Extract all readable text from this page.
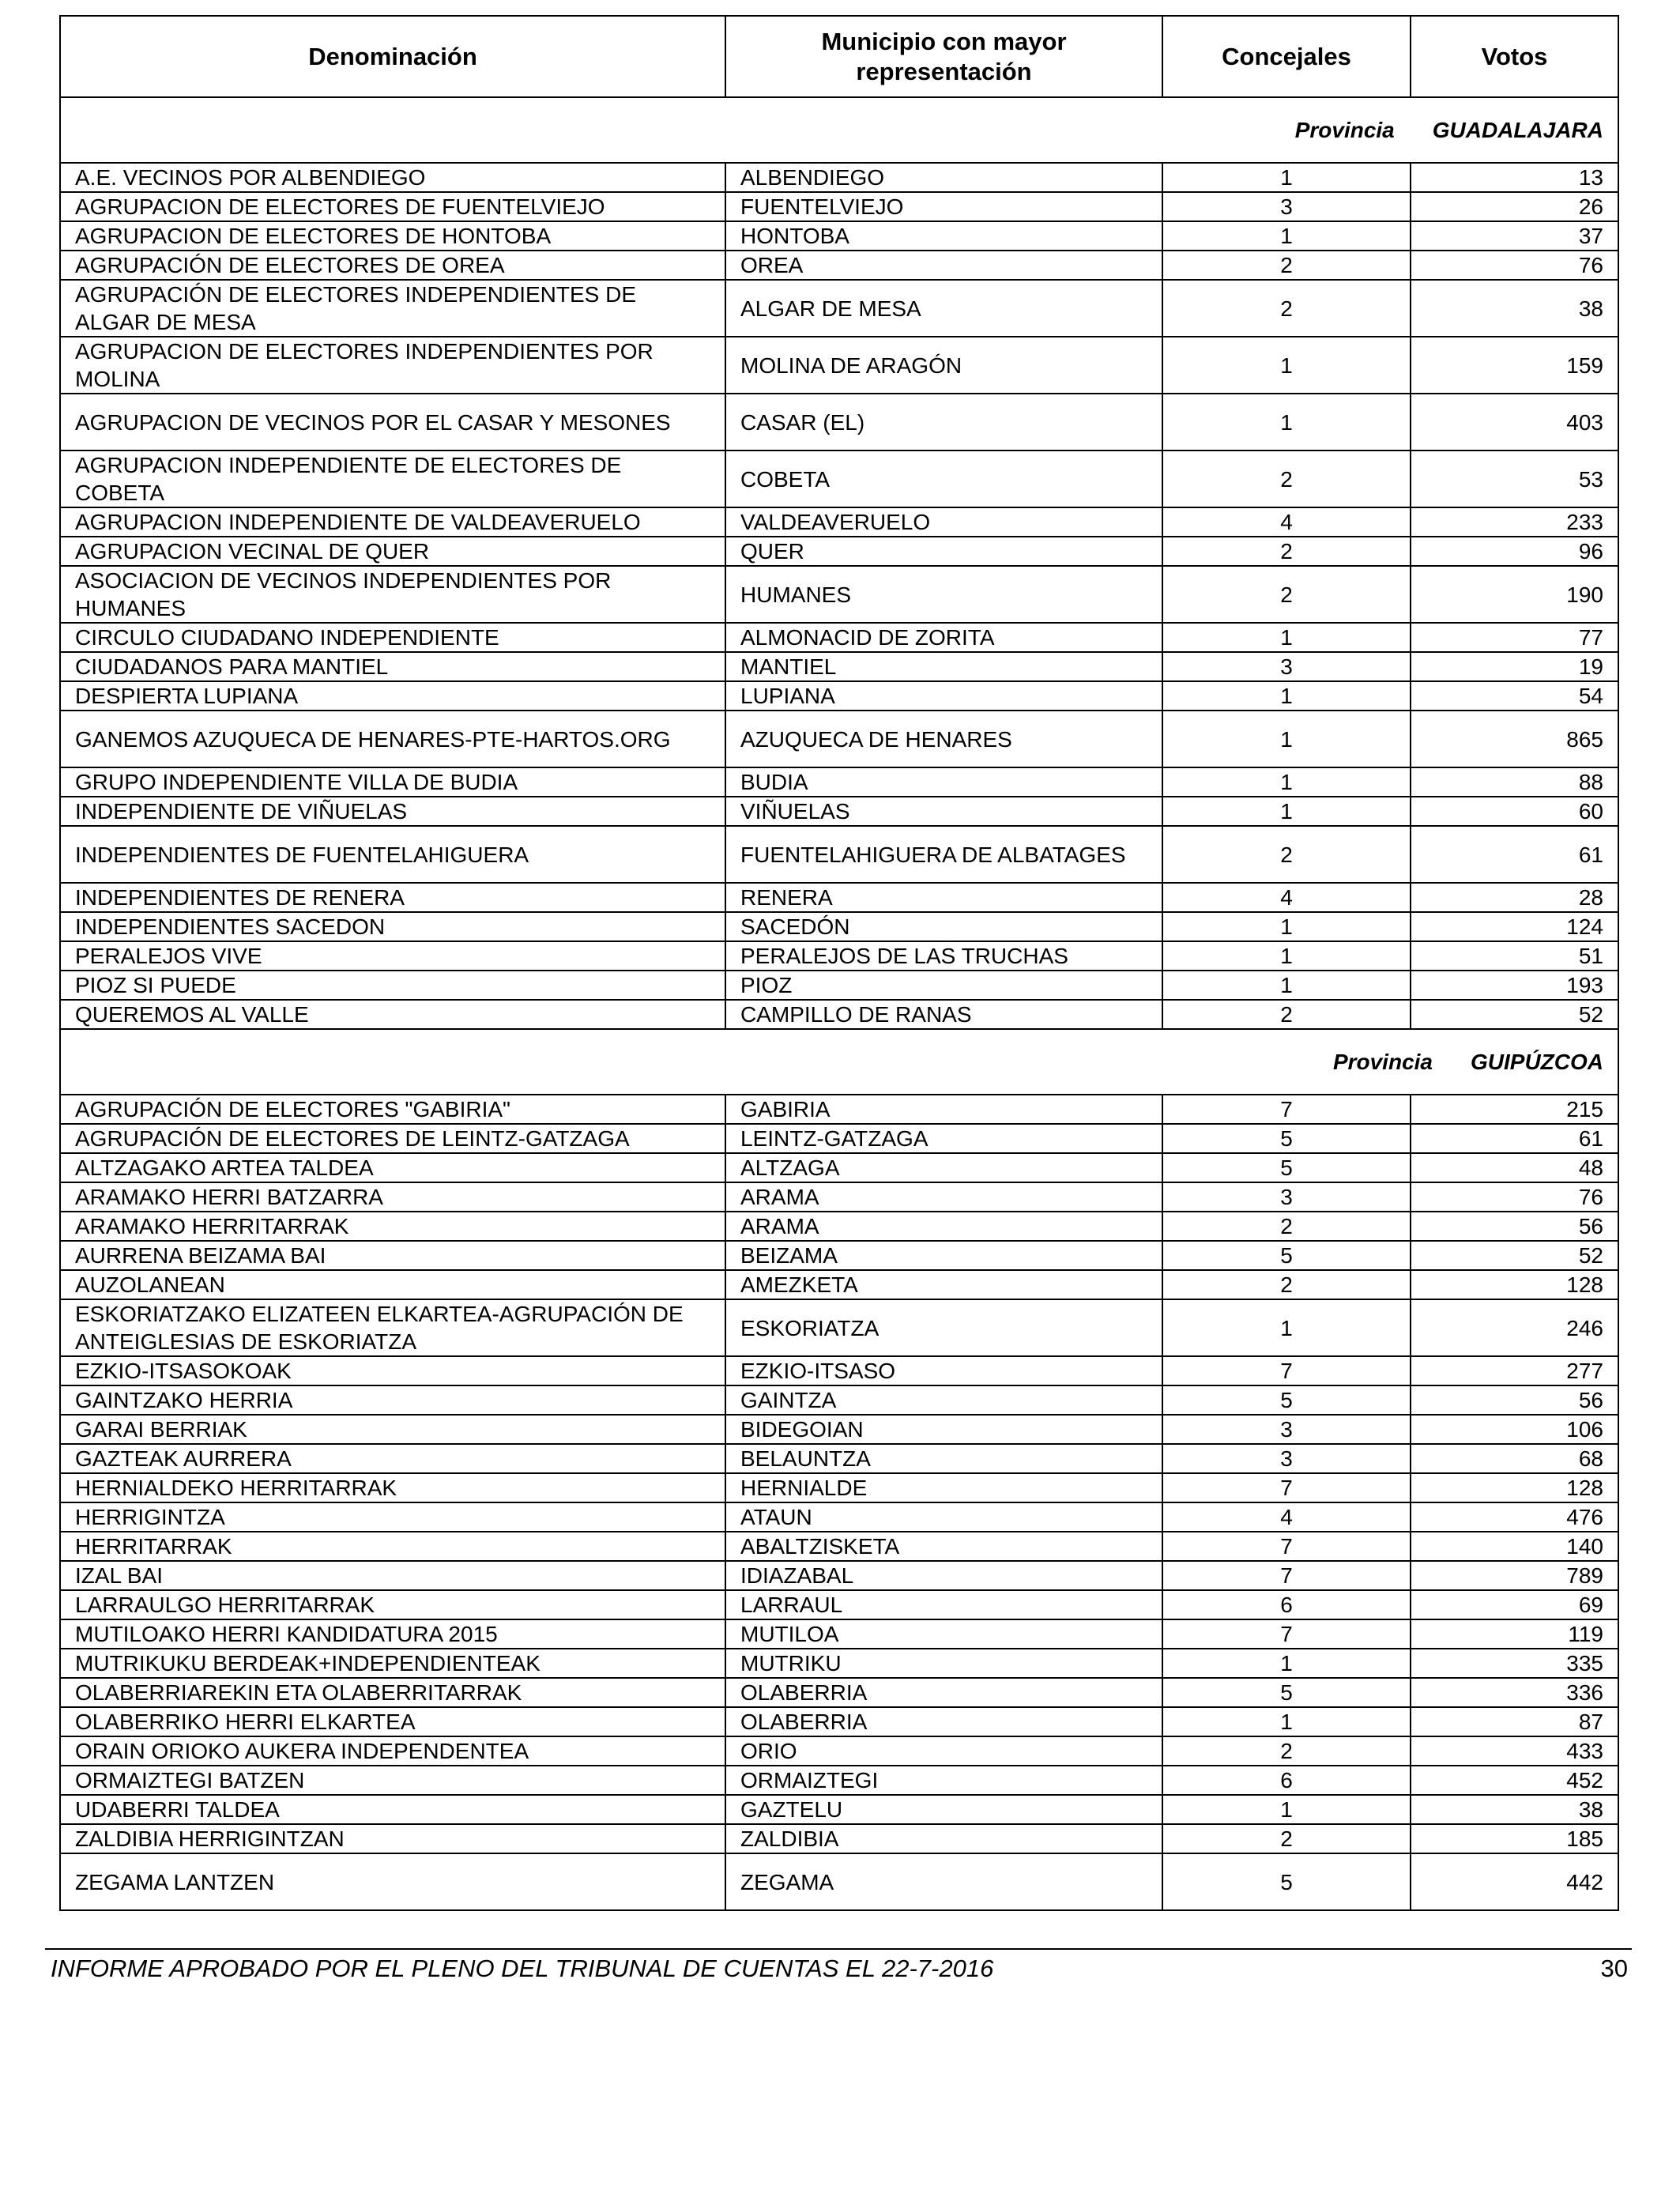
Denominación	Municipio con mayor representación	Concejales	Votos
Provincia GUADALAJARA			
A.E. VECINOS POR ALBENDIEGO	ALBENDIEGO	1	13
AGRUPACION DE ELECTORES DE FUENTELVIEJO	FUENTELVIEJO	3	26
AGRUPACION DE ELECTORES DE HONTOBA	HONTOBA	1	37
AGRUPACIÓN DE ELECTORES DE OREA	OREA	2	76
AGRUPACIÓN DE ELECTORES INDEPENDIENTES DE ALGAR DE MESA	ALGAR DE MESA	2	38
AGRUPACION DE ELECTORES INDEPENDIENTES POR MOLINA	MOLINA DE ARAGÓN	1	159
AGRUPACION DE VECINOS POR EL CASAR Y MESONES	CASAR (EL)	1	403
AGRUPACION INDEPENDIENTE DE ELECTORES DE COBETA	COBETA	2	53
AGRUPACION INDEPENDIENTE DE VALDEAVERUELO	VALDEAVERUELO	4	233
AGRUPACION VECINAL DE QUER	QUER	2	96
ASOCIACION DE VECINOS INDEPENDIENTES POR HUMANES	HUMANES	2	190
CIRCULO CIUDADANO INDEPENDIENTE	ALMONACID DE ZORITA	1	77
CIUDADANOS PARA MANTIEL	MANTIEL	3	19
DESPIERTA LUPIANA	LUPIANA	1	54
GANEMOS AZUQUECA DE HENARES-PTE-HARTOS.ORG	AZUQUECA DE HENARES	1	865
GRUPO INDEPENDIENTE VILLA DE BUDIA	BUDIA	1	88
INDEPENDIENTE DE VIÑUELAS	VIÑUELAS	1	60
INDEPENDIENTES DE FUENTELAHIGUERA	FUENTELAHIGUERA DE ALBATAGES	2	61
INDEPENDIENTES DE RENERA	RENERA	4	28
INDEPENDIENTES SACEDON	SACEDÓN	1	124
PERALEJOS VIVE	PERALEJOS DE LAS TRUCHAS	1	51
PIOZ SI PUEDE	PIOZ	1	193
QUEREMOS AL VALLE	CAMPILLO DE RANAS	2	52
Provincia GUIPÚZCOA			
AGRUPACIÓN DE ELECTORES "GABIRIA"	GABIRIA	7	215
AGRUPACIÓN DE ELECTORES DE LEINTZ-GATZAGA	LEINTZ-GATZAGA	5	61
ALTZAGAKO ARTEA TALDEA	ALTZAGA	5	48
ARAMAKO HERRI BATZARRA	ARAMA	3	76
ARAMAKO HERRITARRAK	ARAMA	2	56
AURRENA BEIZAMA BAI	BEIZAMA	5	52
AUZOLANEAN	AMEZKETA	2	128
ESKORIATZAKO ELIZATEEN ELKARTEA-AGRUPACIÓN DE ANTEIGLESIAS DE ESKORIATZA	ESKORIATZA	1	246
EZKIO-ITSASOKOAK	EZKIO-ITSASO	7	277
GAINTZAKO HERRIA	GAINTZA	5	56
GARAI BERRIAK	BIDEGOIAN	3	106
GAZTEAK AURRERA	BELAUNTZA	3	68
HERNIALDEKO HERRITARRAK	HERNIALDE	7	128
HERRIGINTZA	ATAUN	4	476
HERRITARRAK	ABALTZISKETA	7	140
IZAL BAI	IDIAZABAL	7	789
LARRAULGO HERRITARRAK	LARRAUL	6	69
MUTILOAKO HERRI KANDIDATURA 2015	MUTILOA	7	119
MUTRIKUKU BERDEAK+INDEPENDIENTEAK	MUTRIKU	1	335
OLABERRIAREKIN ETA OLABERRITARRAK	OLABERRIA	5	336
OLABERRIKO HERRI ELKARTEA	OLABERRIA	1	87
ORAIN ORIOKO AUKERA INDEPENDENTEA	ORIO	2	433
ORMAIZTEGI BATZEN	ORMAIZTEGI	6	452
UDABERRI TALDEA	GAZTELU	1	38
ZALDIBIA HERRIGINTZAN	ZALDIBIA	2	185
ZEGAMA LANTZEN	ZEGAMA	5	442
INFORME APROBADO POR EL PLENO DEL TRIBUNAL DE CUENTAS EL 22-7-2016	30
